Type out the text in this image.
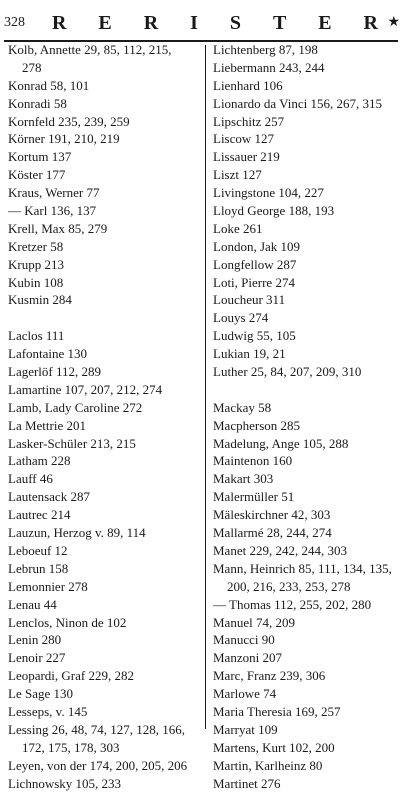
328 R E R I S T E R ★
Kolb, Annette 29, 85, 112, 215,
278
Konrad 58, 101
Konradi 58
Kornfeld 235, 239, 259
Körner 191, 210, 219
Kortum 137
Köster 177
Kraus, Werner 77
— Karl 136, 137
Krell, Max 85, 279
Kretzer 58
Krupp 213
Kubin 108
Kusmin 284
Laclos 111
Lafontaine 130
Lagerlöf 112, 289
Lamartine 107, 207, 212, 274
Lamb, Lady Caroline 272
La Mettrie 201
Lasker-Schüler 213, 215
Latham 228
Lauff 46
Lautensack 287
Lautrec 214
Lauzun, Herzog v. 89, 114
Leboeuf 12
Lebrun 158
Lemonnier 278
Lenau 44
Lenclos, Ninon de 102
Lenin 280
Lenoir 227
Leopardi, Graf 229, 282
Le Sage 130
Lesseps, v. 145
Lessing 26, 48, 74, 127, 128, 166,
172, 175, 178, 303
Leyen, von der 174, 200, 205, 206
Lichnowsky 105, 233
Lichtenberg 87, 198
Liebermann 243, 244
Lienhard 106
Lionardo da Vinci 156, 267, 315
Lipschitz 257
Liscow 127
Lissauer 219
Liszt 127
Livingstone 104, 227
Lloyd George 188, 193
Loke 261
London, Jak 109
Longfellow 287
Loti, Pierre 274
Loucheur 311
Louys 274
Ludwig 55, 105
Lukian 19, 21
Luther 25, 84, 207, 209, 310
Mackay 58
Macpherson 285
Madelung, Ange 105, 288
Maintenon 160
Makart 303
Malermüller 51
Mäleskirchner 42, 303
Mallarmé 28, 244, 274
Manet 229, 242, 244, 303
Mann, Heinrich 85, 111, 134, 135,
200, 216, 233, 253, 278
— Thomas 112, 255, 202, 280
Manuel 74, 209
Manucci 90
Manzoni 207
Marc, Franz 239, 306
Marlowe 74
Maria Theresia 169, 257
Marryat 109
Martens, Kurt 102, 200
Martin, Karlheinz 80
Martinet 276
